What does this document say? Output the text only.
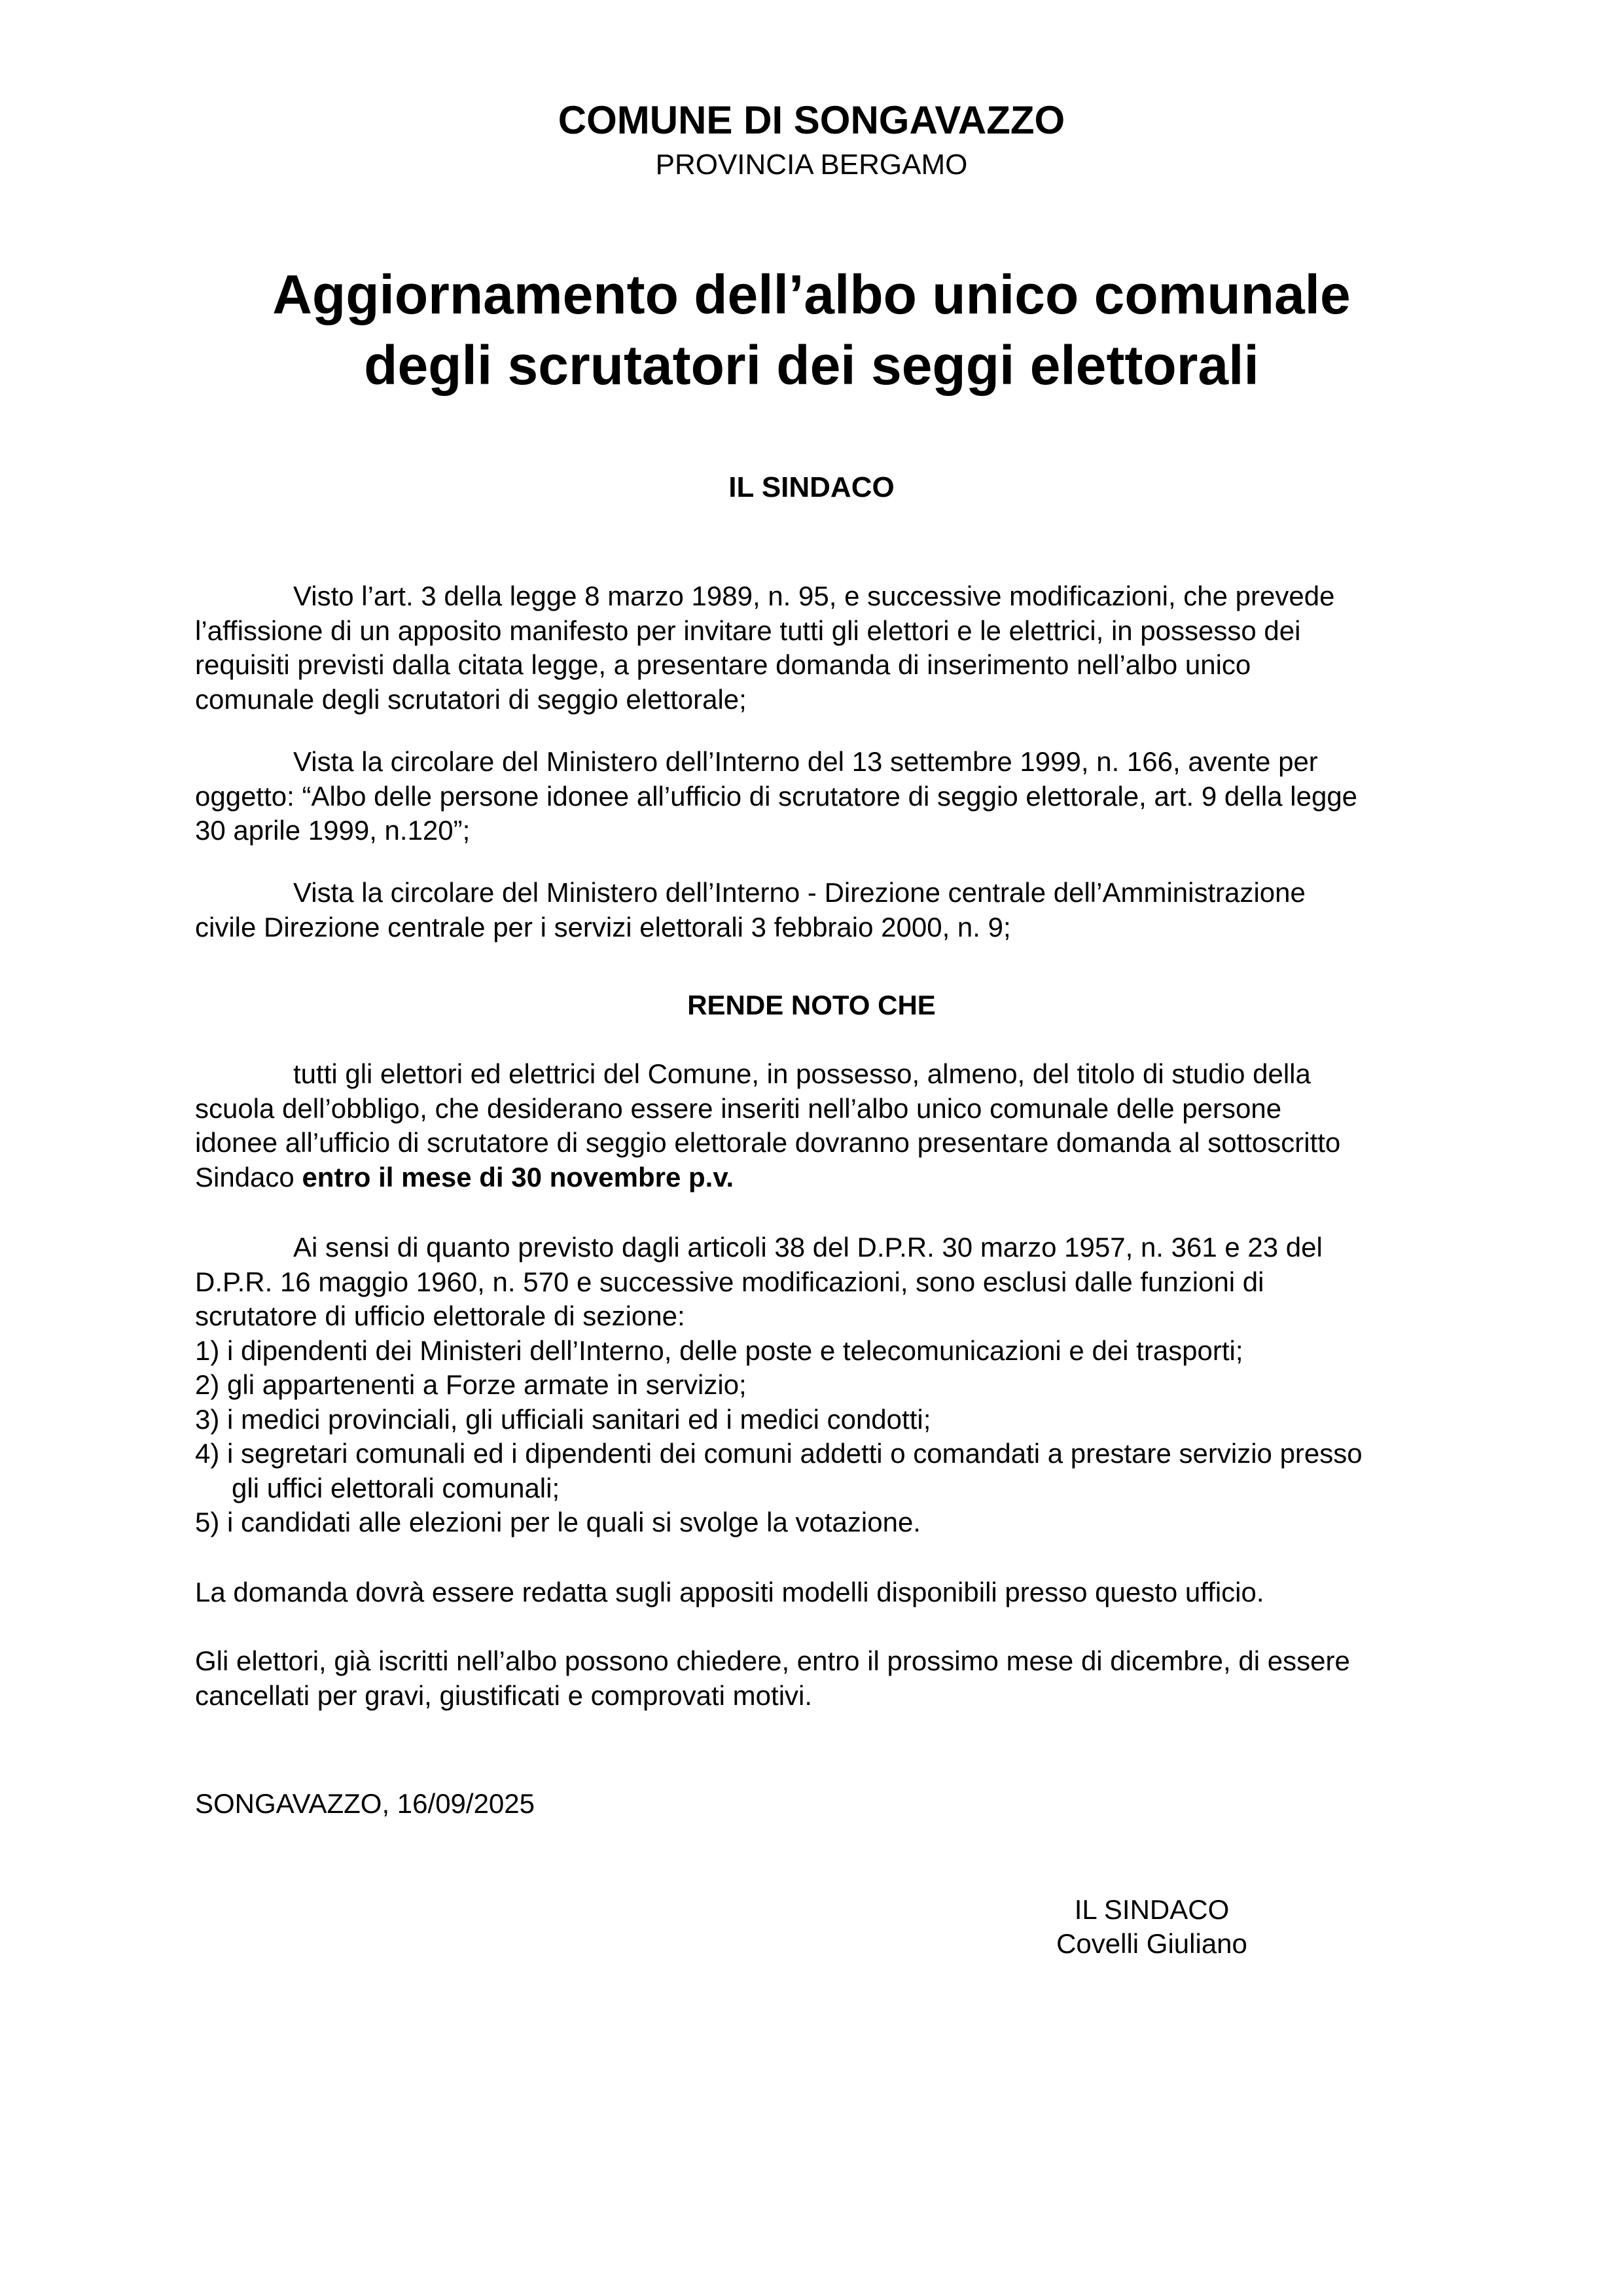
COMUNE DI SONGAVAZZO
PROVINCIA BERGAMO
Aggiornamento dell’albo unico comunale
degli scrutatori dei seggi elettorali
IL SINDACO

Visto l’art. 3 della legge 8 marzo 1989, n. 95, e successive modificazioni, che prevede
l’affissione di un apposito manifesto per invitare tutti gli elettori e le elettrici, in possesso dei
requisiti previsti dalla citata legge, a presentare domanda di inserimento nell’albo unico
comunale degli scrutatori di seggio elettorale;

Vista la circolare del Ministero dell’Interno del 13 settembre 1999, n. 166, avente per
oggetto: “Albo delle persone idonee all’ufficio di scrutatore di seggio elettorale, art. 9 della legge
30 aprile 1999, n.120”;

Vista la circolare del Ministero dell’Interno - Direzione centrale dell’Amministrazione
civile Direzione centrale per i servizi elettorali 3 febbraio 2000, n. 9;

RENDE NOTO CHE

tutti gli elettori ed elettrici del Comune, in possesso, almeno, del titolo di studio della
scuola dell’obbligo, che desiderano essere inseriti nell’albo unico comunale delle persone
idonee all’ufficio di scrutatore di seggio elettorale dovranno presentare domanda al sottoscritto
Sindaco entro il mese di 30 novembre p.v.

Ai sensi di quanto previsto dagli articoli 38 del D.P.R. 30 marzo 1957, n. 361 e 23 del
D.P.R. 16 maggio 1960, n. 570 e successive modificazioni, sono esclusi dalle funzioni di
scrutatore di ufficio elettorale di sezione:

1) i dipendenti dei Ministeri dell’Interno, delle poste e telecomunicazioni e dei trasporti;
2) gli appartenenti a Forze armate in servizio;
3) i medici provinciali, gli ufficiali sanitari ed i medici condotti;
4) i segretari comunali ed i dipendenti dei comuni addetti o comandati a prestare servizio presso
gli uffici elettorali comunali;
5) i candidati alle elezioni per le quali si svolge la votazione.
La domanda dovrà essere redatta sugli appositi modelli disponibili presso questo ufficio.
Gli elettori, già iscritti nell’albo possono chiedere, entro il prossimo mese di dicembre, di essere
cancellati per gravi, giustificati e comprovati motivi.
SONGAVAZZO, 16/09/2025
IL SINDACO
Covelli Giuliano
